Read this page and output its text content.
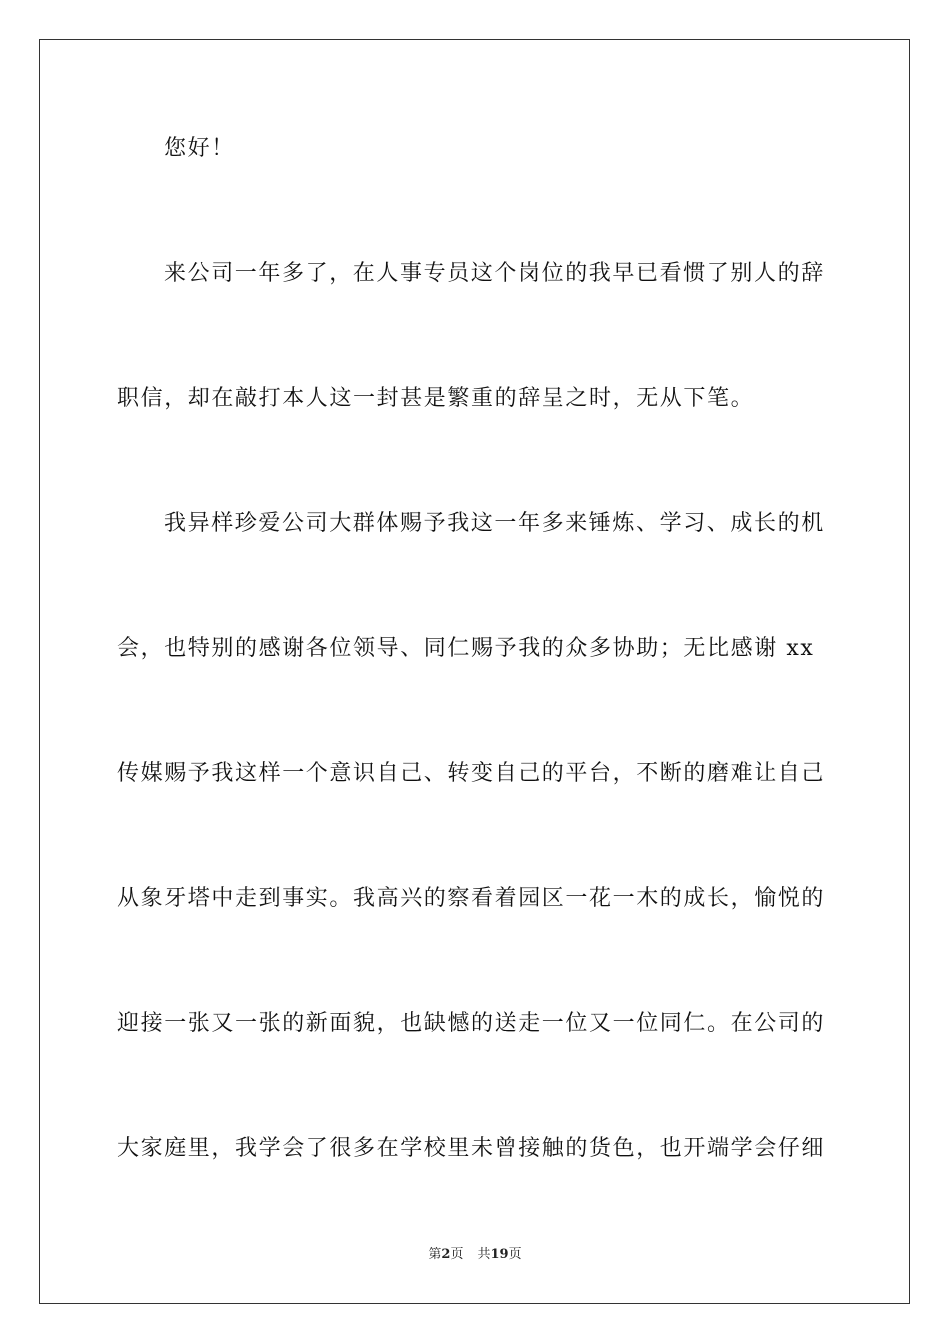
您好！
来公司一年多了，在人事专员这个岗位的我早已看惯了别人的辞
职信，却在敲打本人这一封甚是繁重的辞呈之时，无从下笔。
我异样珍爱公司大群体赐予我这一年多来锤炼、学习、成长的机
会，也特别的感谢各位领导、同仁赐予我的众多协助；无比感谢 xx
传媒赐予我这样一个意识自己、转变自己的平台，不断的磨难让自己
从象牙塔中走到事实。我高兴的察看着园区一花一木的成长，愉悦的
迎接一张又一张的新面貌，也缺憾的送走一位又一位同仁。在公司的
大家庭里，我学会了很多在学校里未曾接触的货色，也开端学会仔细
第2页 共19页
